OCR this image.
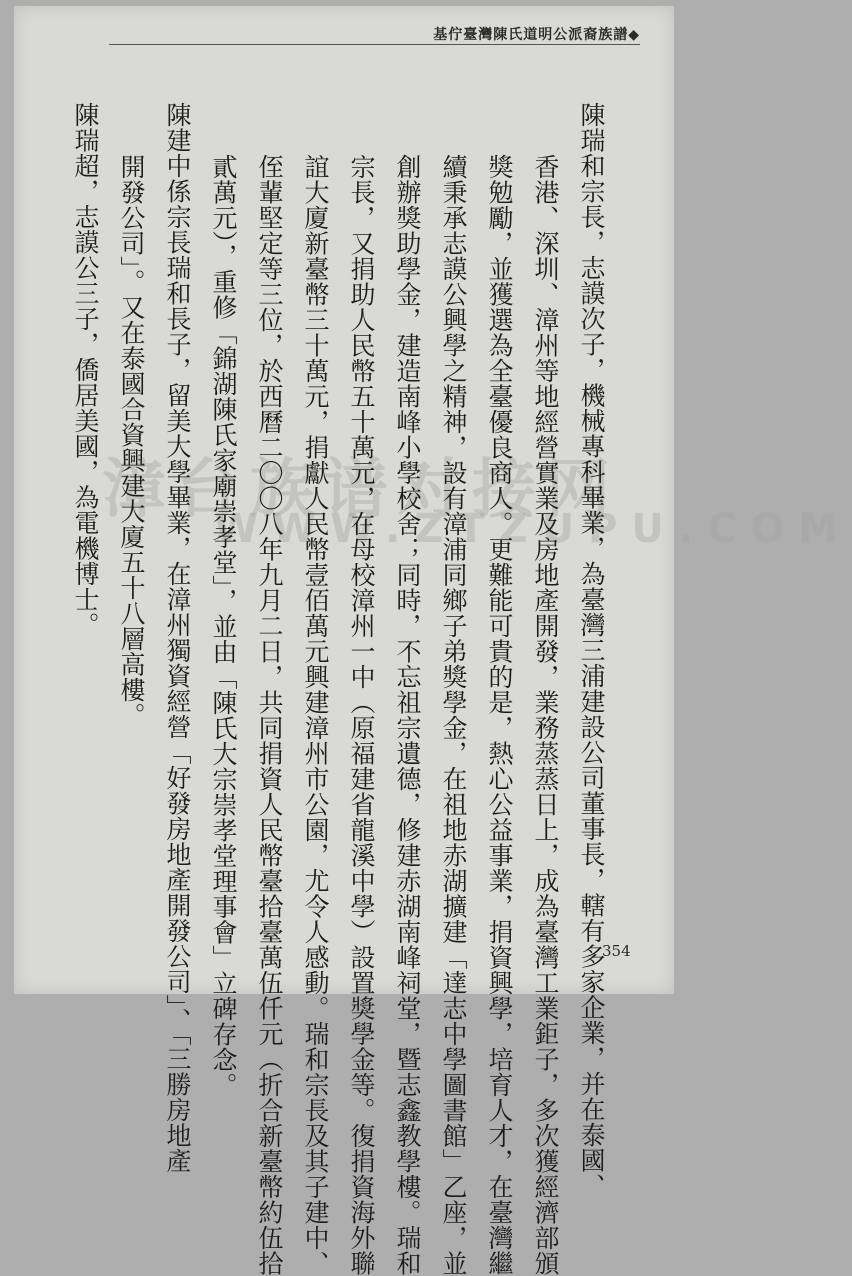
基佇臺灣陳氏道明公派裔族譜◆
漳台族谱对接网
WWW.ZTZUPU.COM
陳瑞和宗長，志謨次子，機械專科畢業，為臺灣三浦建設公司董事長，轄有多家企業，并在泰國、
香港、深圳、漳州等地經營實業及房地產開發，業務蒸蒸日上，成為臺灣工業鉅子，多次獲經濟部頒
獎勉勵，並獲選為全臺優良商人。更難能可貴的是，熱心公益事業，捐資興學，培育人才，在臺灣繼
續秉承志謨公興學之精神，設有漳浦同鄉子弟獎學金，在祖地赤湖擴建「達志中學圖書館」乙座，並
創辦獎助學金，建造南峰小學校舍；同時，不忘祖宗遺德，修建赤湖南峰祠堂，暨志鑫教學樓。瑞和
宗長，又捐助人民幣五十萬元，在母校漳州一中（原福建省龍溪中學）設置獎學金等。復捐資海外聯
誼大廈新臺幣三十萬元，捐獻人民幣壹佰萬元興建漳州市公園，尤令人感動。瑞和宗長及其子建中、
侄輩堅定等三位，於西曆二〇〇八年九月二日，共同捐資人民幣臺拾臺萬伍仟元（折合新臺幣約伍拾
貳萬元），重修「錦湖陳氏家廟崇孝堂」，並由「陳氏大宗崇孝堂理事會」立碑存念。
陳建中係宗長瑞和長子，留美大學畢業，在漳州獨資經營「好發房地產開發公司」、「三勝房地產
開發公司」。又在泰國合資興建大廈五十八層高樓。
陳瑞超，志謨公三子，僑居美國，為電機博士。
354
